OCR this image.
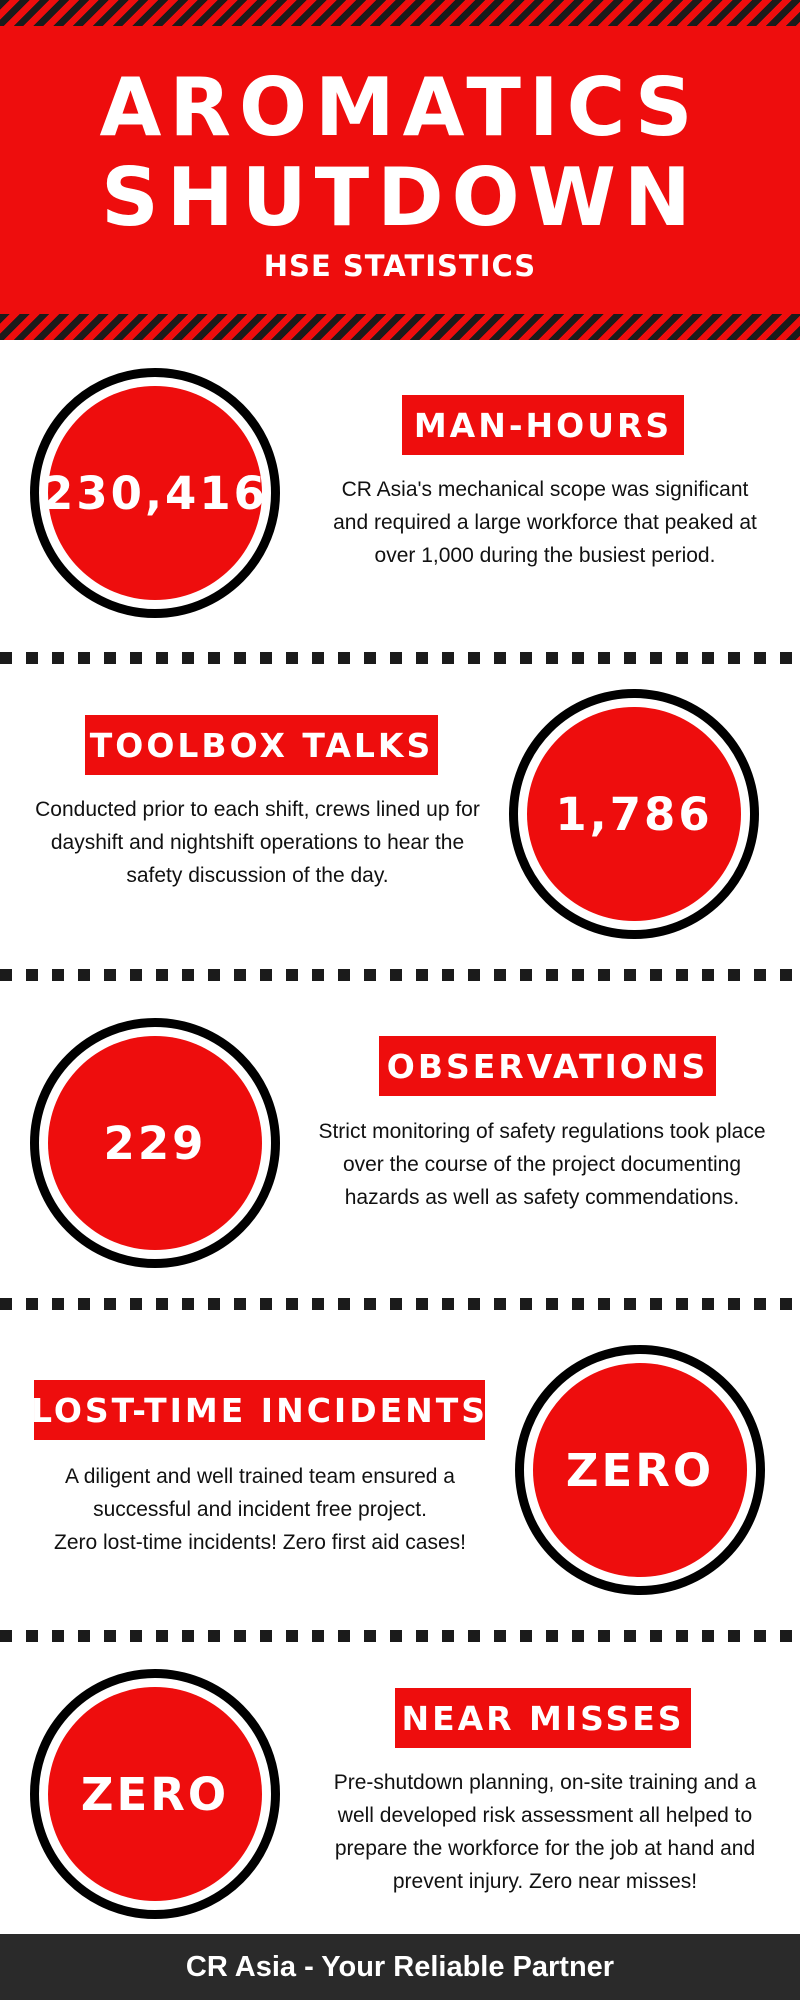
AROMATICS
SHUTDOWN
HSE STATISTICS
230,416
MAN-HOURS
CR Asia's mechanical scope was significant and required a large workforce that peaked at over 1,000 during the busiest period.
1,786
TOOLBOX TALKS
Conducted prior to each shift, crews lined up for dayshift and nightshift operations to hear the safety discussion of the day.
229
OBSERVATIONS
Strict monitoring of safety regulations took place over the course of the project documenting hazards as well as safety commendations.
ZERO
LOST-TIME INCIDENTS
A diligent and well trained team ensured a successful and incident free project.
Zero lost-time incidents! Zero first aid cases!
ZERO
NEAR MISSES
Pre-shutdown planning, on-site training and a well developed risk assessment all helped to prepare the workforce for the job at hand and prevent injury. Zero near misses!
CR Asia - Your Reliable Partner
